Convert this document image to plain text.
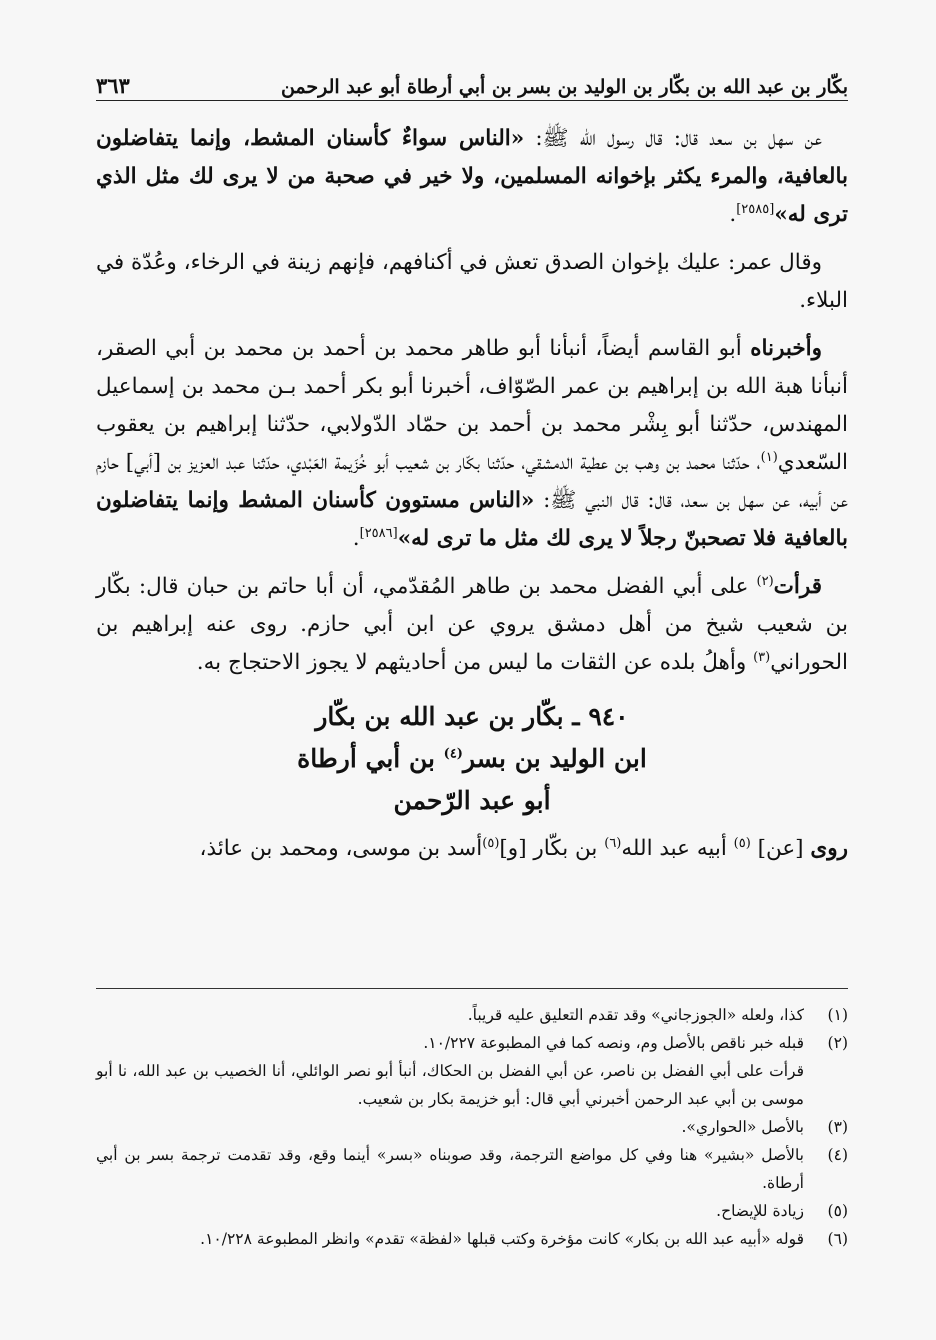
بكّار بن عبد الله بن بكّار بن الوليد بن بسر بن أبي أرطاة أبو عبد الرحمن
٣٦٣

عن سهل بن سعد قال: قال رسول الله ﷺ: «الناس سواءٌ كأسنان المشط، وإنما يتفاضلون بالعافية، والمرء يكثر بإخوانه المسلمين، ولا خير في صحبة من لا يرى لك مثل الذي ترى له»[٢٥٨٥].

وقال عمر: عليك بإخوان الصدق تعش في أكنافهم، فإنهم زينة في الرخاء، وعُدّة في البلاء.

وأخبرناه أبو القاسم أيضاً، أنبأنا أبو طاهر محمد بن أحمد بن محمد بن أبي الصقر، أنبأنا هبة الله بن إبراهيم بن عمر الصّوّاف، أخبرنا أبو بكر أحمد بـن محمد بن إسماعيل المهندس، حدّثنا أبو بِشْر محمد بن أحمد بن حمّاد الدّولابي، حدّثنا إبراهيم بن يعقوب السّعدي$^{(١)}$، حدّثنا محمد بن وهب بن عطية الدمشقي، حدّثنا بكّار بن شعيب أبو خُزَيمة العَبْدي، حدّثنا عبد العزيز بن [أبي] حازم عن أبيه، عن سهل بن سعد، قال: قال النبي ﷺ: «الناس مستوون كأسنان المشط وإنما يتفاضلون بالعافية فلا تصحبنّ رجلاً لا يرى لك مثل ما ترى له»[٢٥٨٦].

قرأت$^{(٢)}$ على أبي الفضل محمد بن طاهر المُقدّمي، أن أبا حاتم بن حبان قال: بكّار بن شعيب شيخ من أهل دمشق يروي عن ابن أبي حازم. روى عنه إبراهيم بن الحوراني$^{(٣)}$ وأهلُ بلده عن الثقات ما ليس من أحاديثهم لا يجوز الاحتجاج به.

٩٤٠ ـ بكّار بن عبد الله بن بكّار
ابن الوليد بن بسر$^{(٤)}$ بن أبي أرطاة
أبو عبد الرّحمن

روى [عن] $^{(٥)}$ أبيه عبد الله$^{(٦)}$ بن بكّار [و]$^{(٥)}$أسد بن موسى، ومحمد بن عائذ،

(١)
كذا، ولعله «الجوزجاني» وقد تقدم التعليق عليه قريباً.
(٢)
قبله خبر ناقص بالأصل وم، ونصه كما في المطبوعة ١٠/٢٢٧.
قرأت على أبي الفضل بن ناصر، عن أبي الفضل بن الحكاك، أنبأ أبو نصر الوائلي، أنا الخصيب بن عبد الله، نا أبو موسى بن أبي عبد الرحمن أخبرني أبي قال: أبو خزيمة بكار بن شعيب.
(٣)
بالأصل «الحواري».
(٤)
بالأصل «بشير» هنا وفي كل مواضع الترجمة، وقد صوبناه «بسر» أينما وقع، وقد تقدمت ترجمة بسر بن أبي أرطاة.
(٥)
زيادة للإيضاح.
(٦)
قوله «أبيه عبد الله بن بكار» كانت مؤخرة وكتب قبلها «لفظة» تقدم» وانظر المطبوعة ١٠/٢٢٨.
